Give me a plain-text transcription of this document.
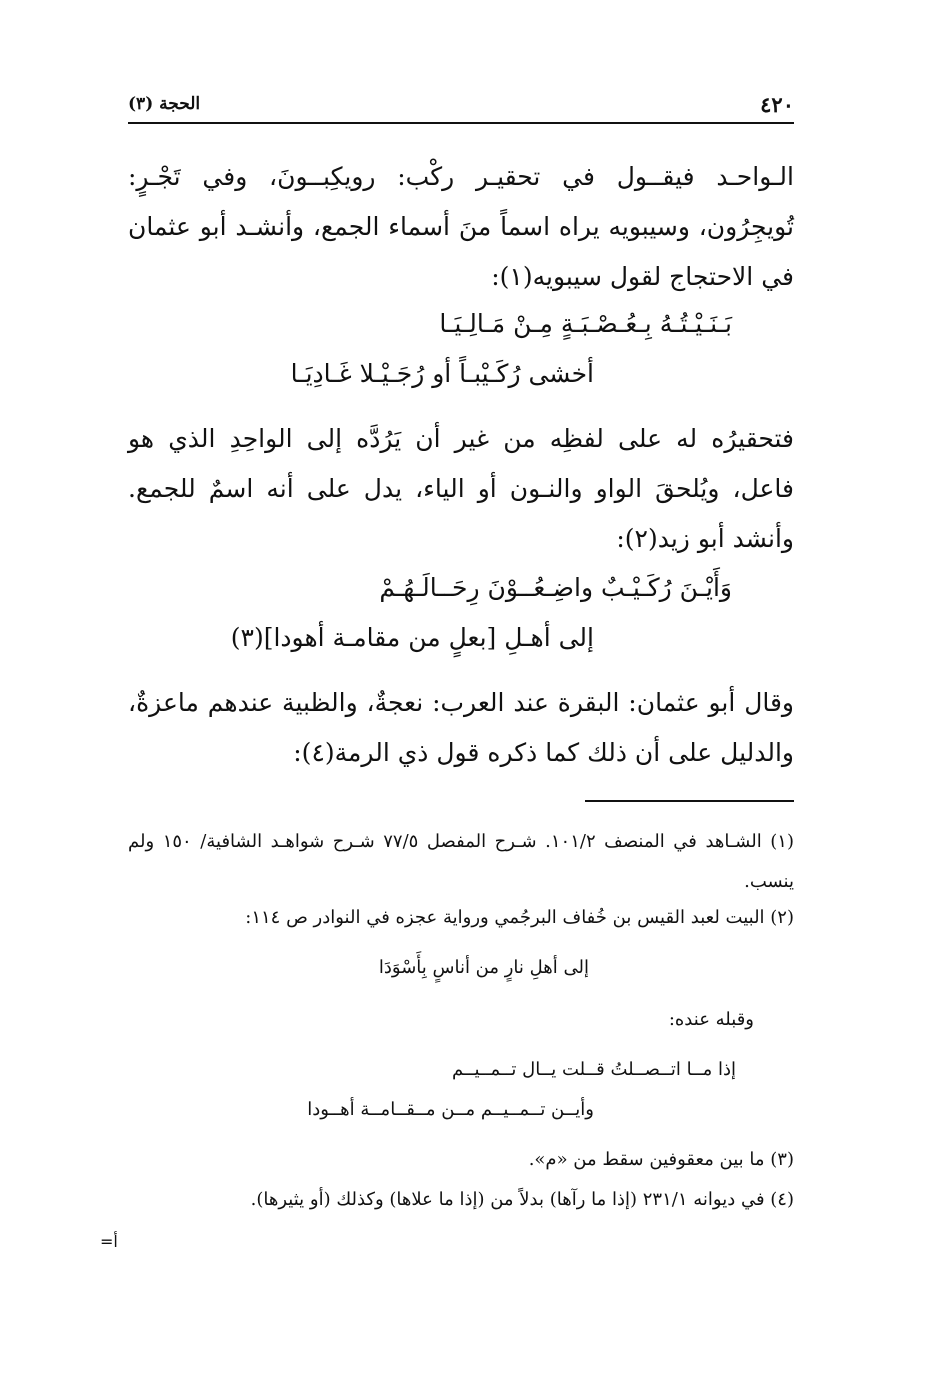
٤٢٠
الحجة (٣)

الـواحـد فيقــول في تحقيـر ركْب: رويكِبــونَ، وفي تَجْـرٍ: تُويجِرُون، وسيبويه يراه اسماً منَ أسماء الجمع، وأنشـد أبو عثمان في الاحتجاج لقول سيبويه(١):

بَـنَـيْـتُـهُ بِـعُـصْـبَـةٍ مِـنْ مَـالِـيَـا

أخشى رُكَـيْبـاً أو رُجَـيْـلا غَـادِيَـا

فتحقيرُه له على لفظِه من غير أن يَرُدَّه إلى الواحِدِ الذي هو فاعل، ويُلحقَ الواو والنـون أو الياء، يدل على أنه اسمٌ للجمع. وأنشد أبو زيد(٢):

وَأَيْـنَ رُكَـيْـبٌ واضِـعُــوْنَ رِحَــالَـهُـمْ

إلى أهـلِ [بعلٍ من مقامـة أهودا](٣)

وقال أبو عثمان: البقرة عند العرب: نعجةٌ، والظبية عندهم ماعزةٌ، والدليل على أن ذلك كما ذكره قول ذي الرمة(٤):

(١) الشـاهد في المنصف ١٠١/٢. شـرح المفصل ٧٧/٥ شـرح شواهـد الشافية/ ١٥٠ ولم ينسب.

(٢) البيت لعبد القيس بن خُفاف البرجُمي ورواية عجزه في النوادر ص ١١٤:

إلى أهلِ نارٍ من أناسٍ بِأَسْوَدَا

وقبله عنده:

إذا مــا اتــصــلتُ قــلت يــال تــمــيــم

وأيــن تــمــيــم مــن مــقــامــة أهــودا

(٣) ما بين معقوفين سقط من «م».

(٤) في ديوانه ٢٣١/١ (إذا ما رآها) بدلاً من (إذا ما علاها) وكذلك (أو يثيرها).

=أ
